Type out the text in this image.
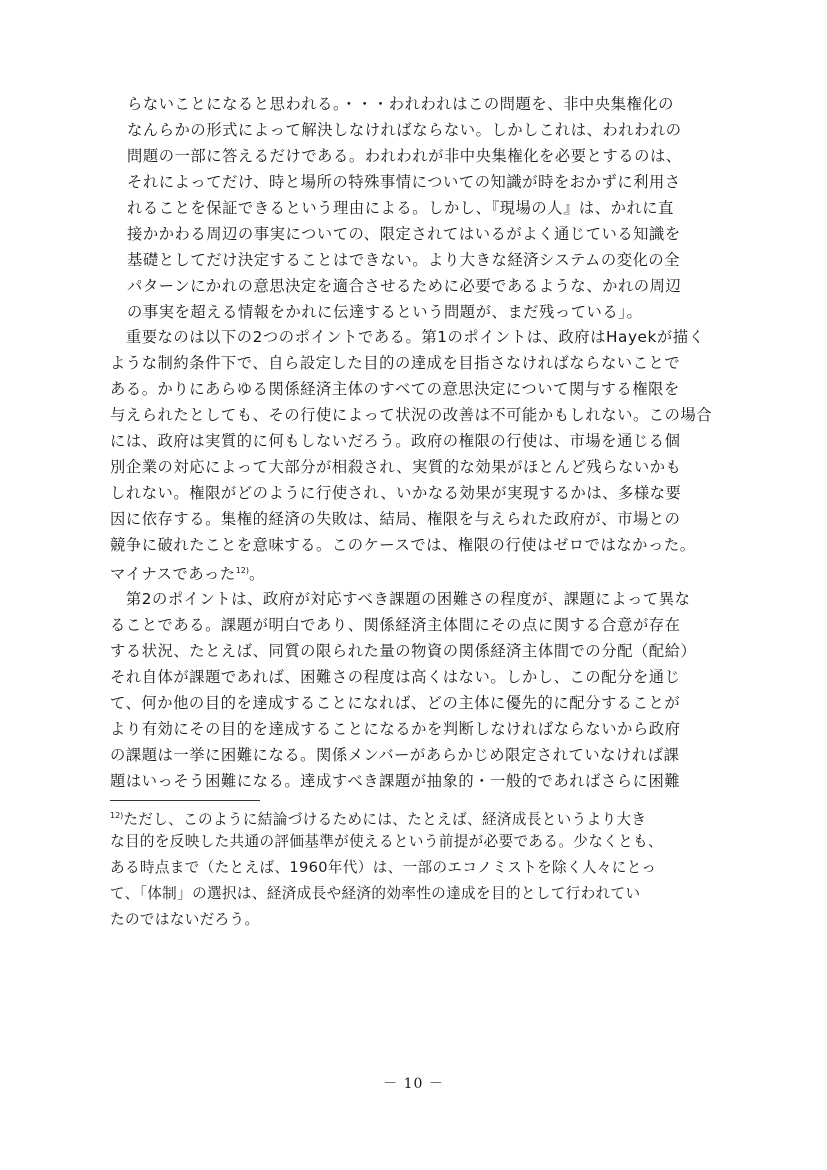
らないことになると思われる。・・・われわれはこの問題を、非中央集権化の
なんらかの形式によって解決しなければならない。しかしこれは、われわれの
問題の一部に答えるだけである。われわれが非中央集権化を必要とするのは、
それによってだけ、時と場所の特殊事情についての知識が時をおかずに利用さ
れることを保証できるという理由による。しかし、『現場の人』は、かれに直
接かかわる周辺の事実についての、限定されてはいるがよく通じている知識を
基礎としてだけ決定することはできない。より大きな経済システムの変化の全
パターンにかれの意思決定を適合させるために必要であるような、かれの周辺
の事実を超える情報をかれに伝達するという問題が、まだ残っている」。
　重要なのは以下の2つのポイントである。第1のポイントは、政府はHayekが描く
ような制約条件下で、自ら設定した目的の達成を目指さなければならないことで
ある。かりにあらゆる関係経済主体のすべての意思決定について関与する権限を
与えられたとしても、その行使によって状況の改善は不可能かもしれない。この場合
には、政府は実質的に何もしないだろう。政府の権限の行使は、市場を通じる個
別企業の対応によって大部分が相殺され、実質的な効果がほとんど残らないかも
しれない。権限がどのように行使され、いかなる効果が実現するかは、多様な要
因に依存する。集権的経済の失敗は、結局、権限を与えられた政府が、市場との
競争に破れたことを意味する。このケースでは、権限の行使はゼロではなかった。
マイナスであった$^{12)}$。
　第2のポイントは、政府が対応すべき課題の困難さの程度が、課題によって異な
ることである。課題が明白であり、関係経済主体間にその点に関する合意が存在
する状況、たとえば、同質の限られた量の物資の関係経済主体間での分配（配給）
それ自体が課題であれば、困難さの程度は高くはない。しかし、この配分を通じ
て、何か他の目的を達成することになれば、どの主体に優先的に配分することが
より有効にその目的を達成することになるかを判断しなければならないから政府
の課題は一挙に困難になる。関係メンバーがあらかじめ限定されていなければ課
題はいっそう困難になる。達成すべき課題が抽象的・一般的であればさらに困難
$^{12)}$ただし、このように結論づけるためには、たとえば、経済成長というより大き
な目的を反映した共通の評価基準が使えるという前提が必要である。少なくとも、
ある時点まで（たとえば、1960年代）は、一部のエコノミストを除く人々にとっ
て、「体制」の選択は、経済成長や経済的効率性の達成を目的として行われてい
たのではないだろう。
－ 10 －
